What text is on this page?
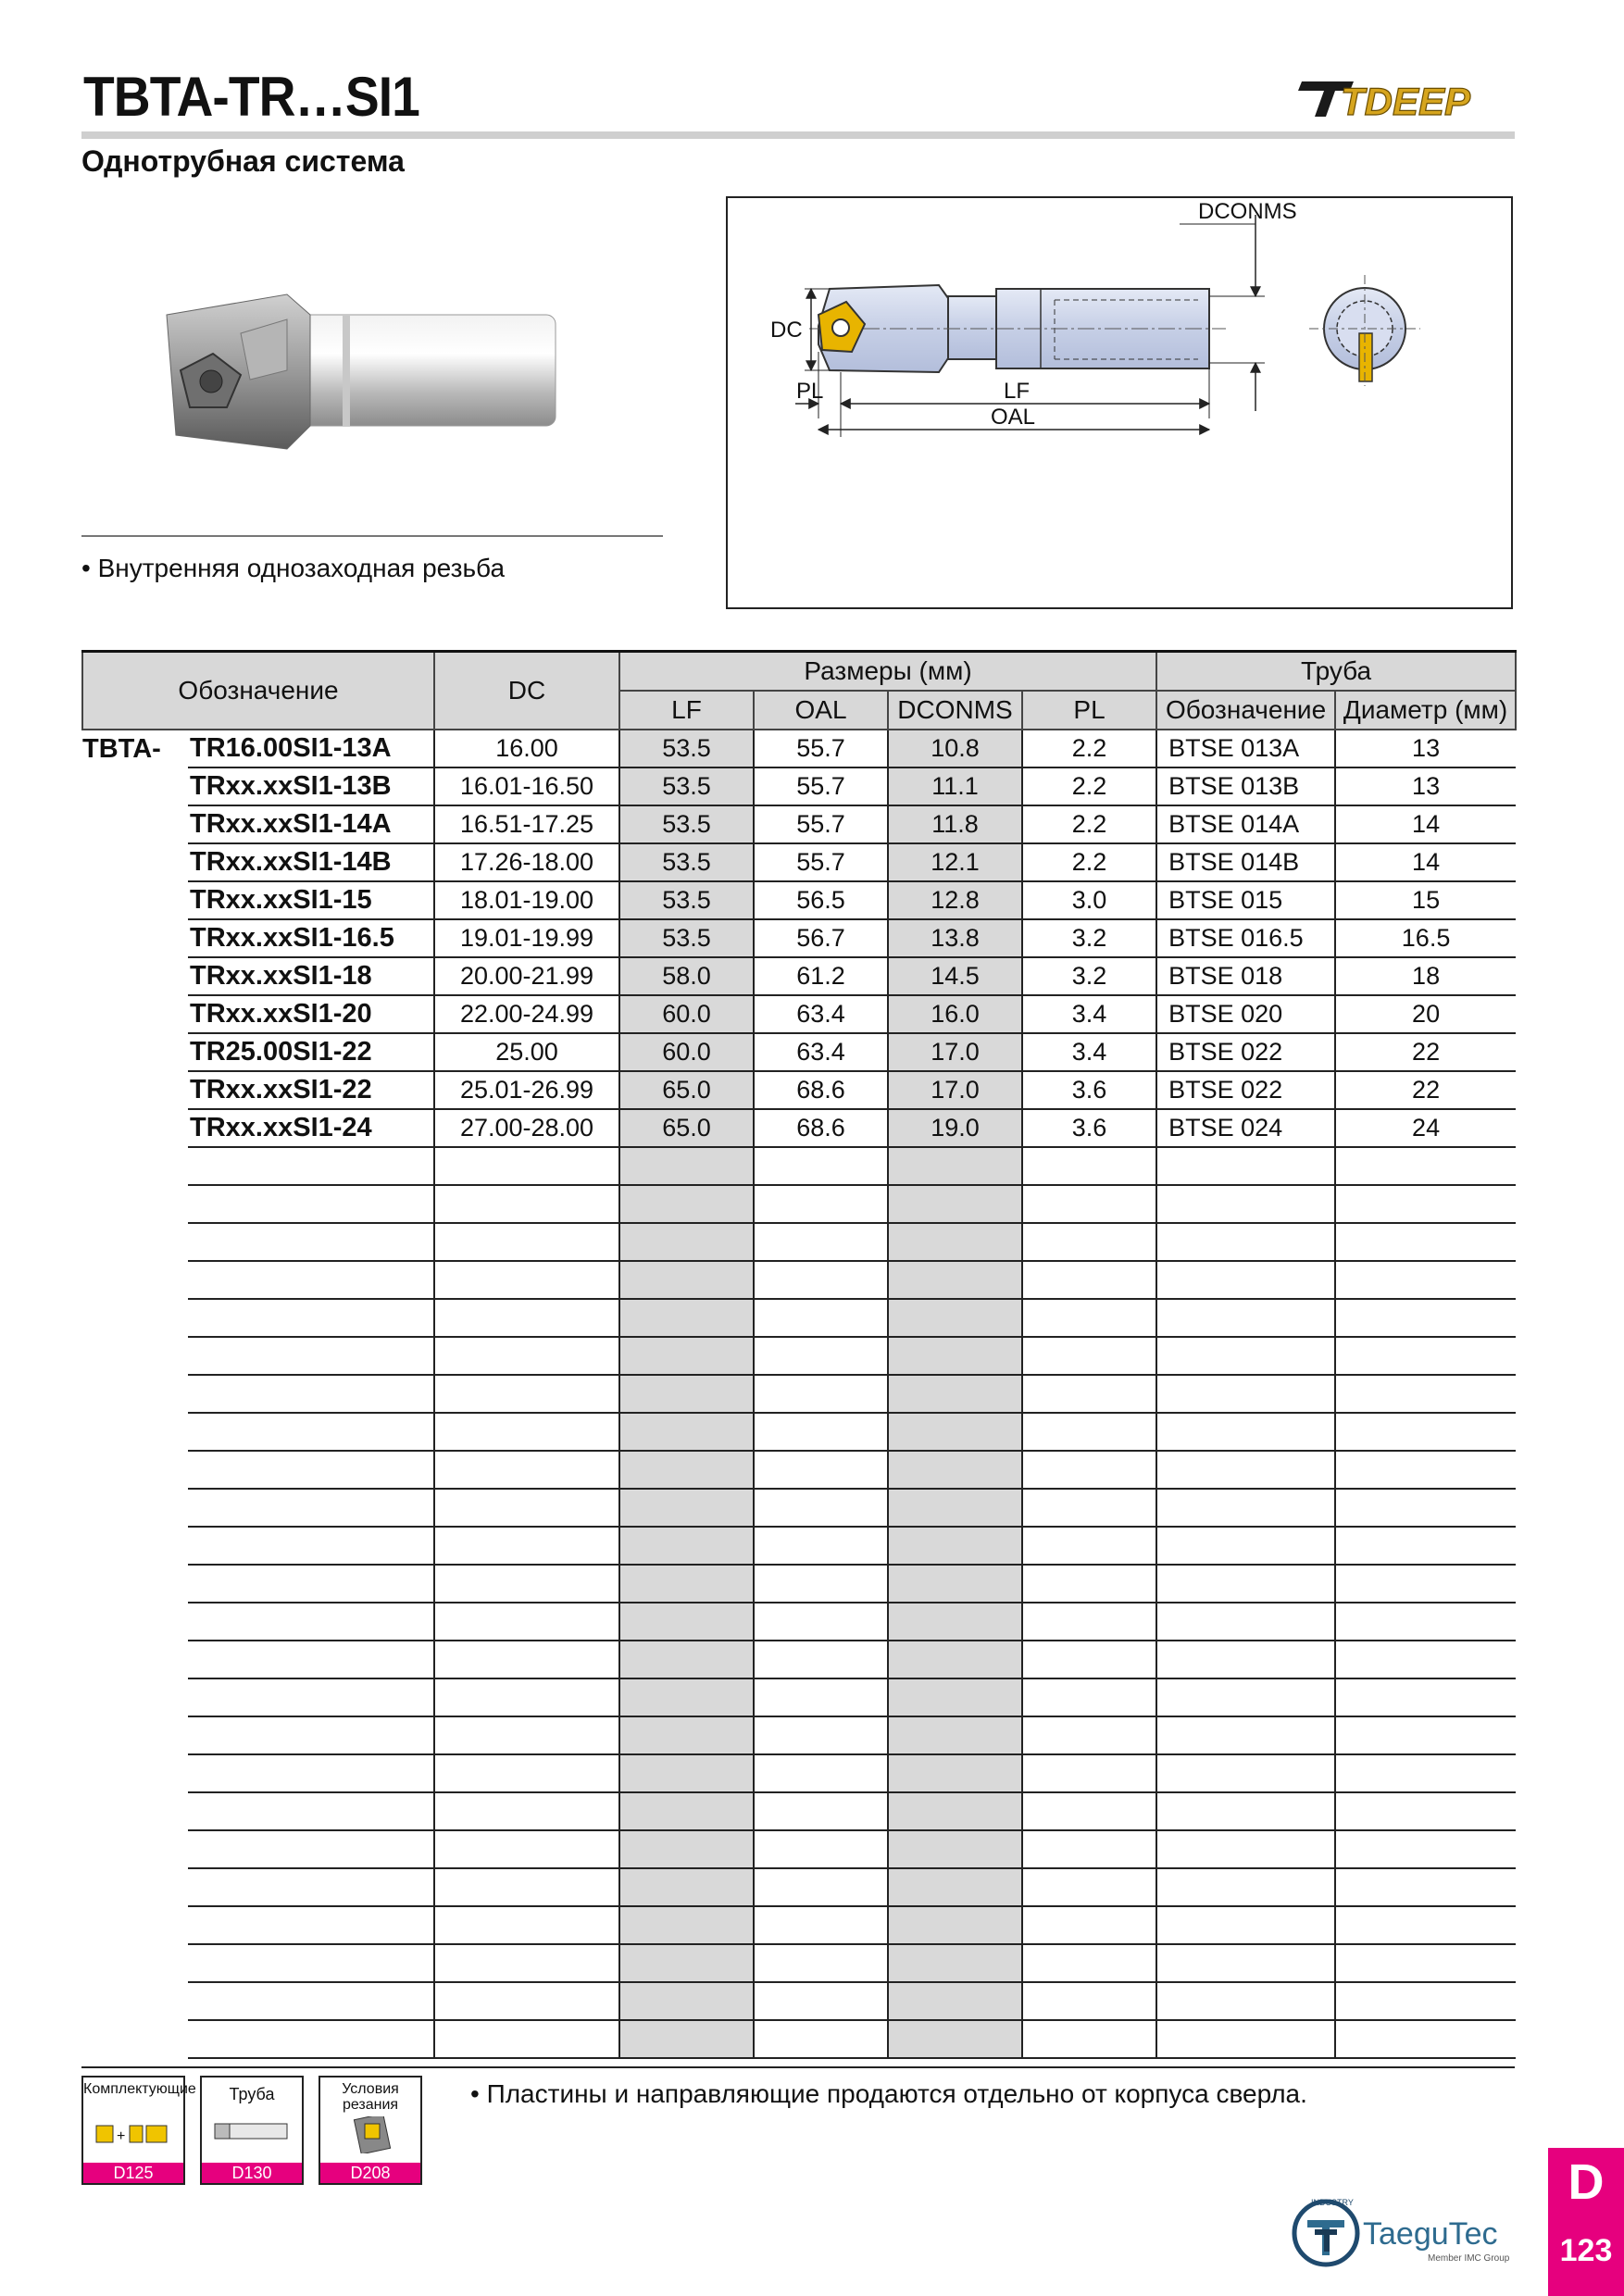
TBTA-TR…SI1
Однотрубная система
TDEEP
• Внутренняя однозаходная резьба
DCONMS
DC
PL	LF
OAL
Обозначение		DC	Размеры (мм)				Труба	
			LF	OAL	DCONMS	PL	Обозначение	Диаметр (мм)
TBTA-	TR16.00SI1-13A	16.00	53.5	55.7	10.8	2.2	BTSE 013A	13
	TRxx.xxSI1-13B	16.01-16.50	53.5	55.7	11.1	2.2	BTSE 013B	13
	TRxx.xxSI1-14A	16.51-17.25	53.5	55.7	11.8	2.2	BTSE 014A	14
	TRxx.xxSI1-14B	17.26-18.00	53.5	55.7	12.1	2.2	BTSE 014B	14
	TRxx.xxSI1-15	18.01-19.00	53.5	56.5	12.8	3.0	BTSE 015	15
	TRxx.xxSI1-16.5	19.01-19.99	53.5	56.7	13.8	3.2	BTSE 016.5	16.5
	TRxx.xxSI1-18	20.00-21.99	58.0	61.2	14.5	3.2	BTSE 018	18
	TRxx.xxSI1-20	22.00-24.99	60.0	63.4	16.0	3.4	BTSE 020	20
	TR25.00SI1-22	25.00	60.0	63.4	17.0	3.4	BTSE 022	22
	TRxx.xxSI1-22	25.01-26.99	65.0	68.6	17.0	3.6	BTSE 022	22
	TRxx.xxSI1-24	27.00-28.00	65.0	68.6	19.0	3.6	BTSE 024	24

Комплектующие
+
D125
Труба
D130
Условия резания
D208
• Пластины и направляющие продаются отдельно от корпуса сверла.
INDUSTRY
TaeguTec
Member IMC Group
D
123
